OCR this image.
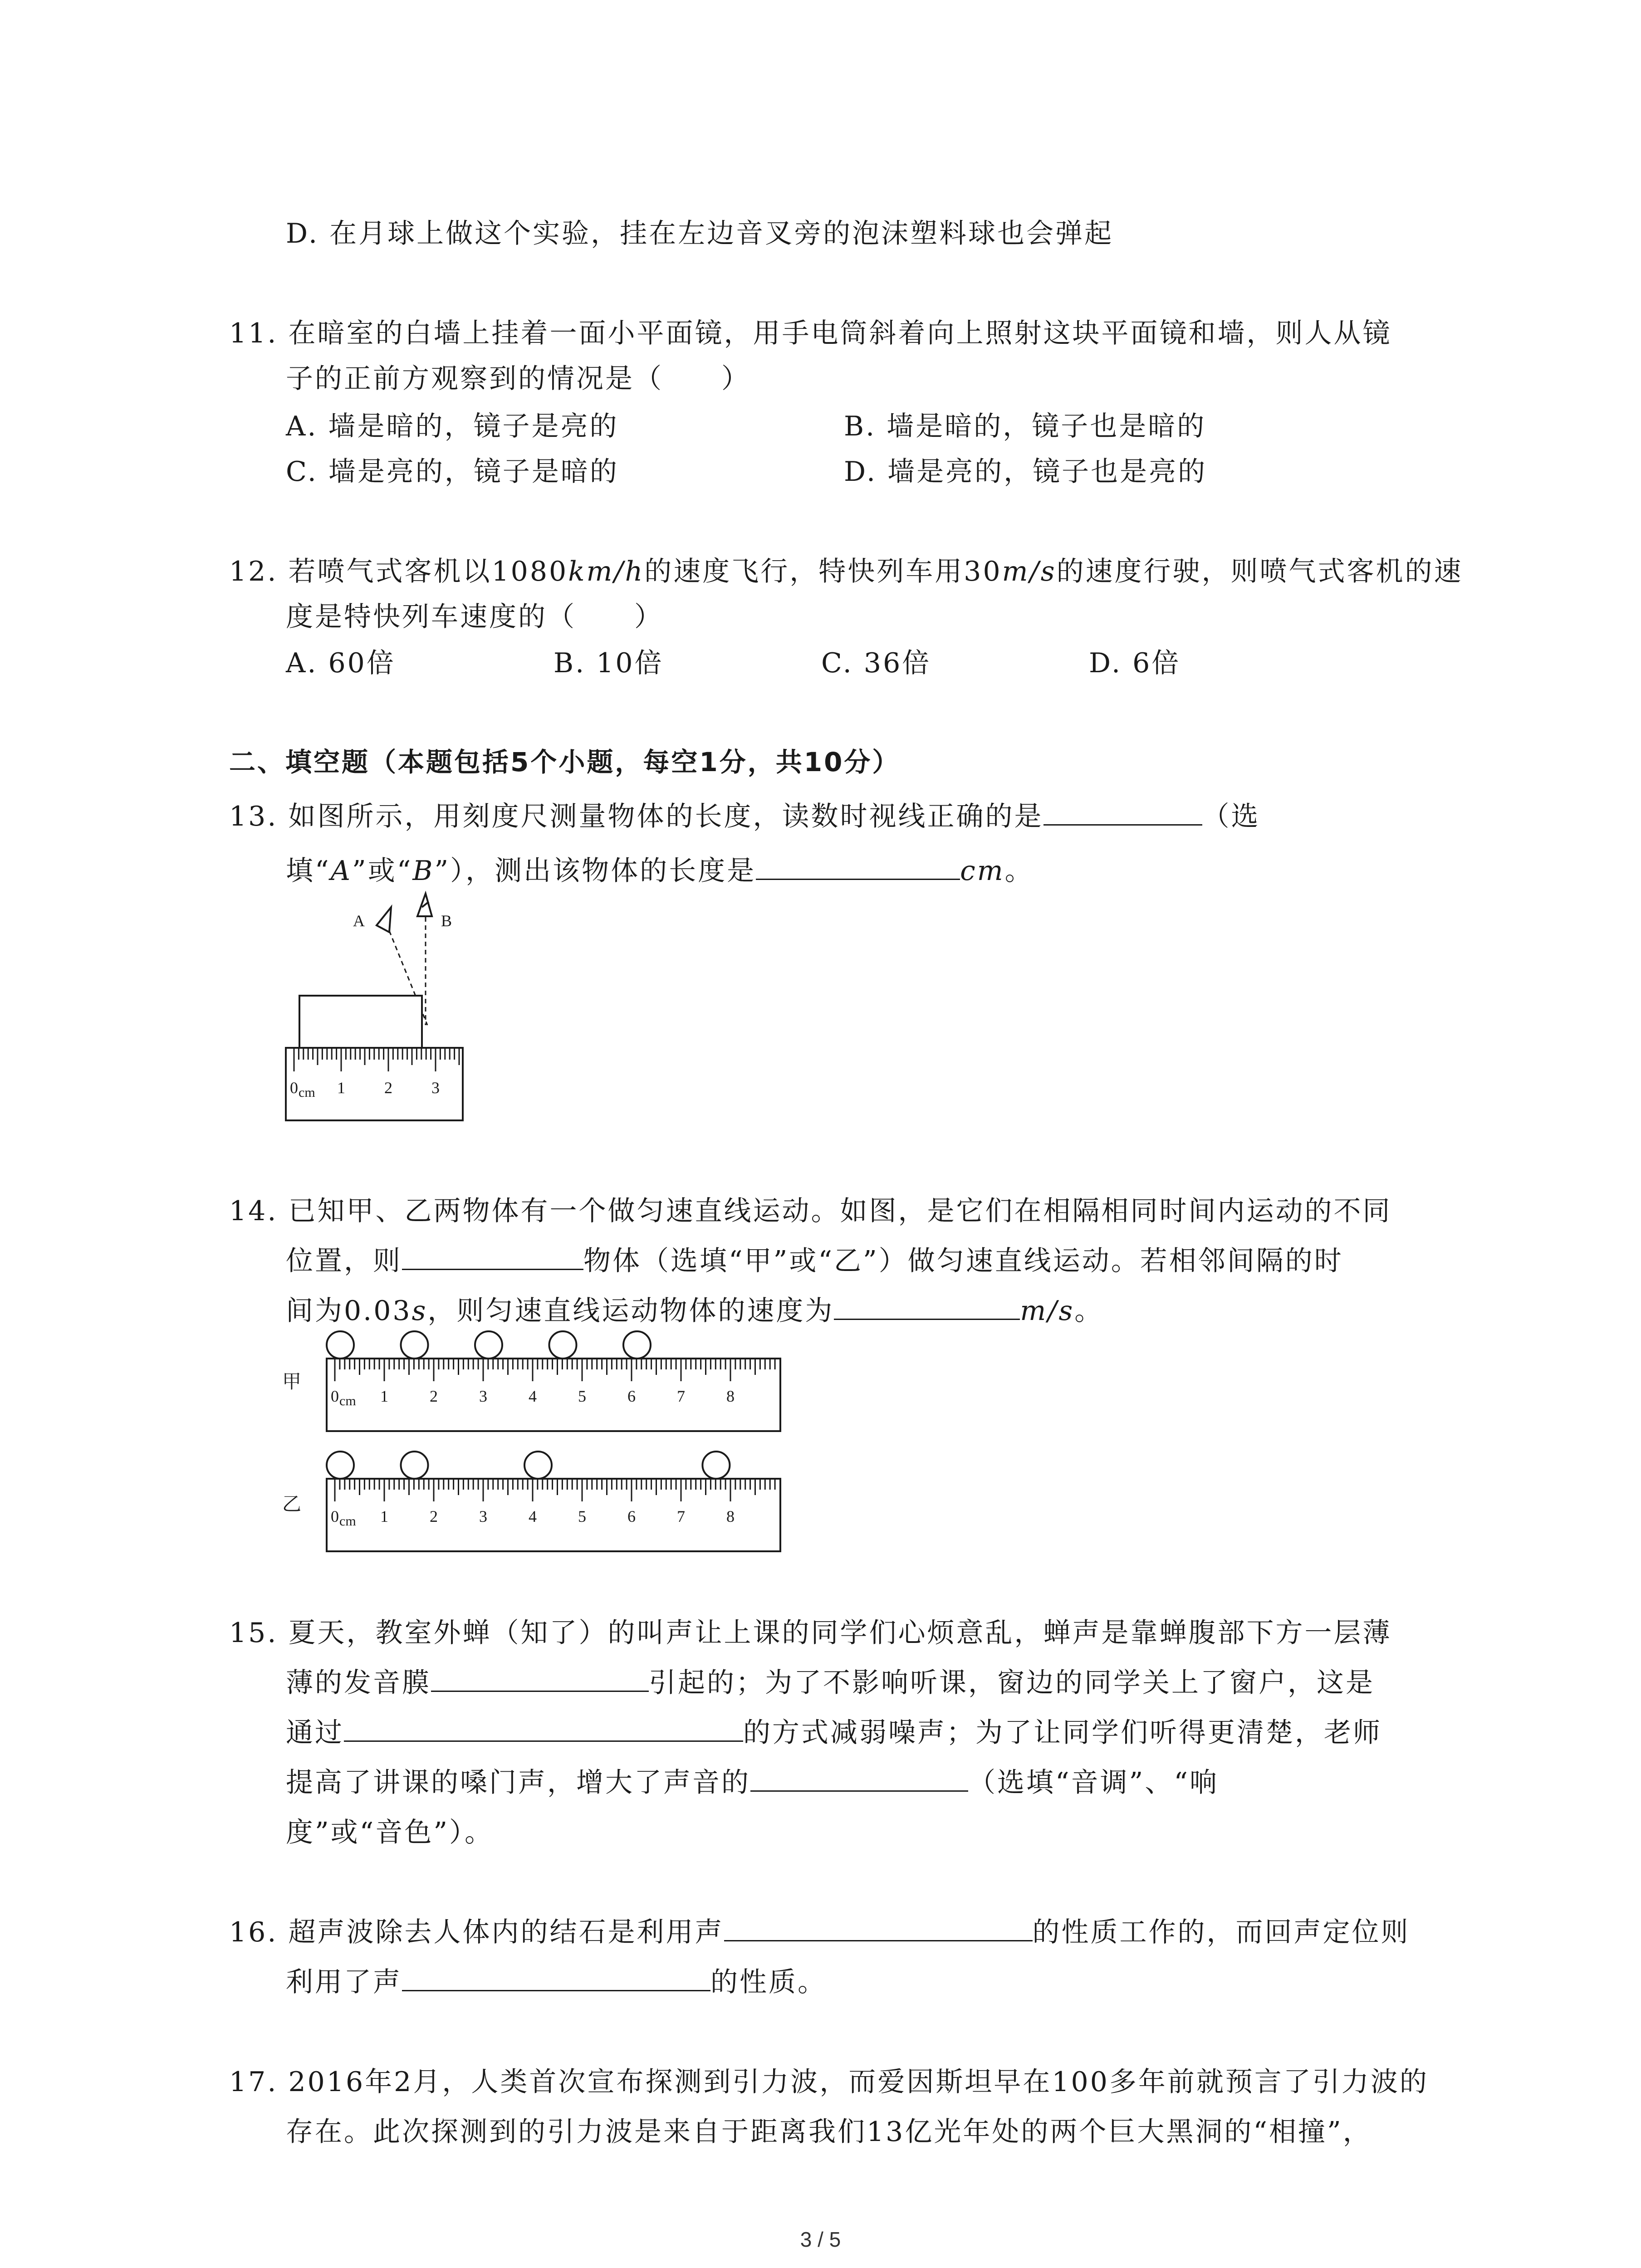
D. 在月球上做这个实验，挂在左边音叉旁的泡沫塑料球也会弹起
11. 在暗室的白墙上挂着一面小平面镜，用手电筒斜着向上照射这块平面镜和墙，则人从镜
子的正前方观察到的情况是（　　）
A. 墙是暗的，镜子是亮的	B. 墙是暗的，镜子也是暗的
C. 墙是亮的，镜子是暗的	D. 墙是亮的，镜子也是亮的
12. 若喷气式客机以1080km/h的速度飞行，特快列车用30m/s的速度行驶，则喷气式客机的速
度是特快列车速度的（　　）
A. 60倍	B. 10倍	C. 36倍	D. 6倍
二、填空题（本题包括5个小题，每空1分，共10分）
13. 如图所示，用刻度尺测量物体的长度，读数时视线正确的是	（选
填“A”或“B”），测出该物体的长度是	cm。
A	B
0 cm 1 2 3
14. 已知甲、乙两物体有一个做匀速直线运动。如图，是它们在相隔相同时间内运动的不同
位置，则	物体（选填“甲”或“乙”）做匀速直线运动。若相邻间隔的时
间为0.03s，则匀速直线运动物体的速度为	m/s。
甲
乙
0 cm 1	2	3	4	5	6	7	8
0 cm 1	2	3	4	5	6	7	8
15. 夏天，教室外蝉（知了）的叫声让上课的同学们心烦意乱，蝉声是靠蝉腹部下方一层薄
薄的发音膜	引起的；为了不影响听课，窗边的同学关上了窗户，这是
通过	的方式减弱噪声；为了让同学们听得更清楚，老师
提高了讲课的嗓门声，增大了声音的	（选填“音调”、“响
度”或“音色”）。
16. 超声波除去人体内的结石是利用声	的性质工作的，而回声定位则
利用了声	的性质。
17. 2016年2月，人类首次宣布探测到引力波，而爱因斯坦早在100多年前就预言了引力波的
存在。此次探测到的引力波是来自于距离我们13亿光年处的两个巨大黑洞的“相撞”，
3 / 5
